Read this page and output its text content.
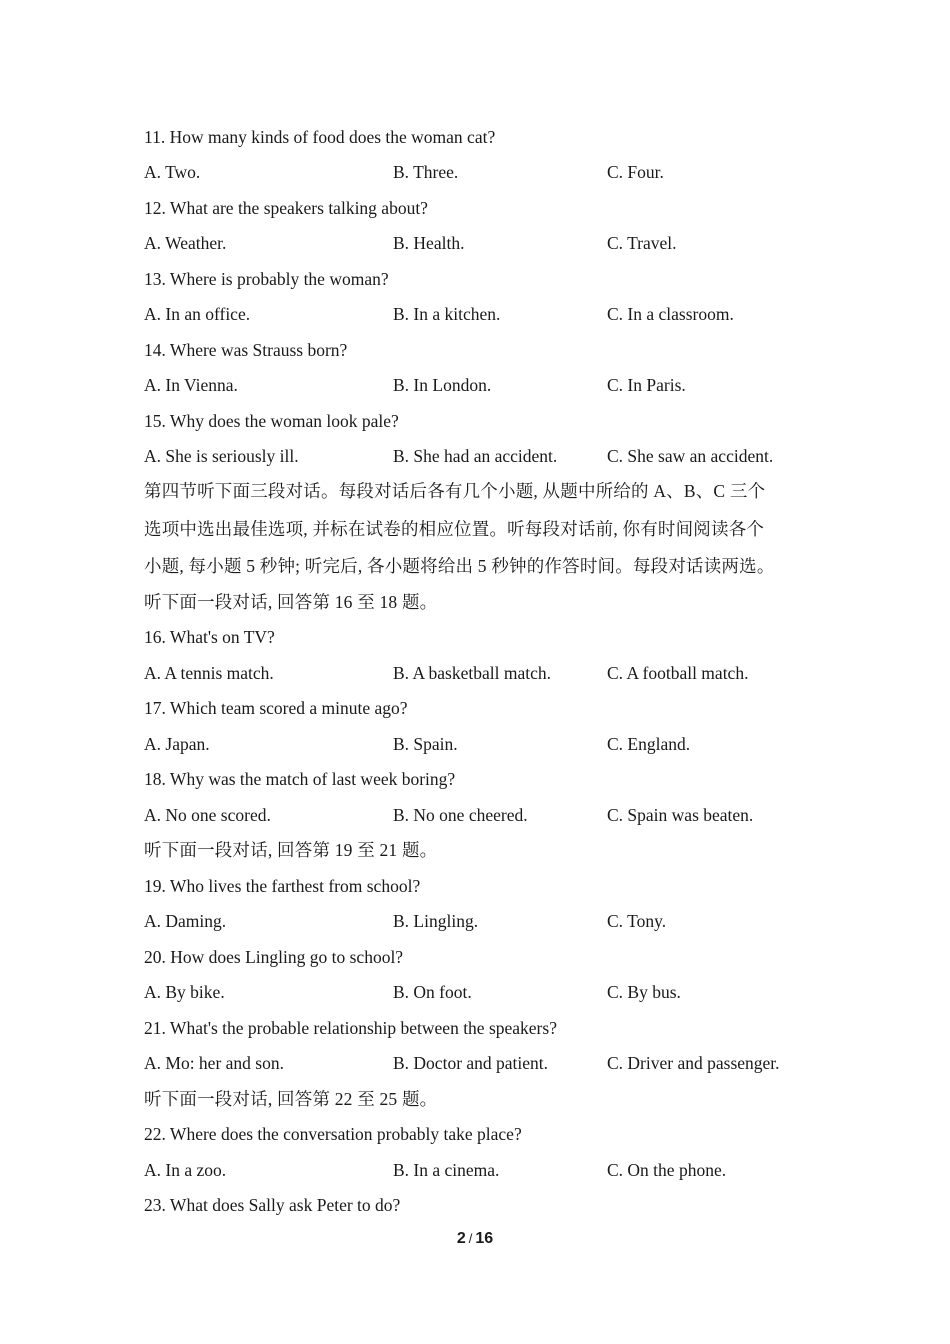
11. How many kinds of food does the woman cat?
A. Two.	B. Three.	C. Four.
12. What are the speakers talking about?
A. Weather.	B. Health.	C. Travel.
13. Where is probably the woman?
A. In an office.	B. In a kitchen.	C. In a classroom.
14. Where was Strauss born?
A. In Vienna.	B. In London.	C. In Paris.
15. Why does the woman look pale?
A. She is seriously ill.	B. She had an accident.	C. She saw an accident.
第四节听下面三段对话。每段对话后各有几个小题, 从题中所给的 A、B、C 三个
选项中选出最佳选项, 并标在试卷的相应位置。听每段对话前, 你有时间阅读各个
小题, 每小题 5 秒钟; 听完后, 各小题将给出 5 秒钟的作答时间。每段对话读两选。
听下面一段对话, 回答第 16 至 18 题。
16. What's on TV?
A. A tennis match.	B. A basketball match.	C. A football match.
17. Which team scored a minute ago?
A. Japan.	B. Spain.	C. England.
18. Why was the match of last week boring?
A. No one scored.	B. No one cheered.	C. Spain was beaten.
听下面一段对话, 回答第 19 至 21 题。
19. Who lives the farthest from school?
A. Daming.	B. Lingling.	C. Tony.
20. How does Lingling go to school?
A. By bike.	B. On foot.	C. By bus.
21. What's the probable relationship between the speakers?
A. Mo: her and son.	B. Doctor and patient.	C. Driver and passenger.
听下面一段对话, 回答第 22 至 25 题。
22. Where does the conversation probably take place?
A. In a zoo.	B. In a cinema.	C. On the phone.
23. What does Sally ask Peter to do?
2 / 16
